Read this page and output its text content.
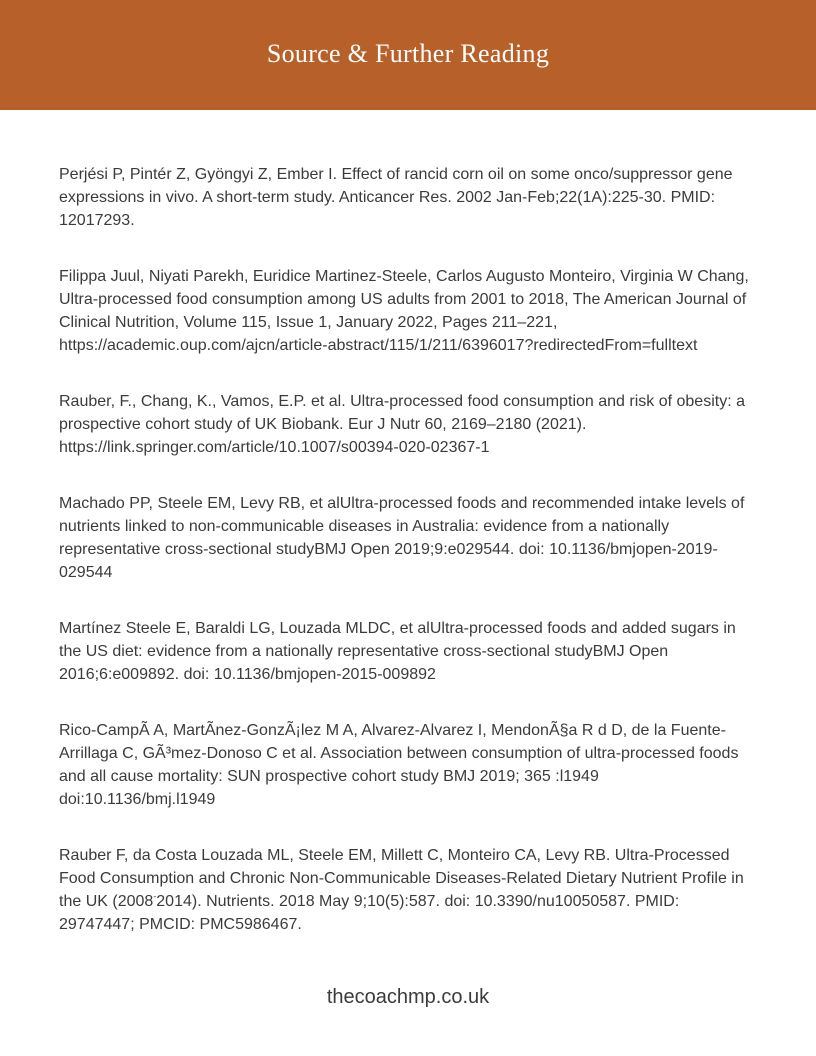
Source & Further Reading

Perjési P, Pintér Z, Gyöngyi Z, Ember I. Effect of rancid corn oil on some onco/suppressor gene expressions in vivo. A short-term study. Anticancer Res. 2002 Jan-Feb;22(1A):225-30. PMID: 12017293.

Filippa Juul, Niyati Parekh, Euridice Martinez-Steele, Carlos Augusto Monteiro, Virginia W Chang, Ultra-processed food consumption among US adults from 2001 to 2018, The American Journal of Clinical Nutrition, Volume 115, Issue 1, January 2022, Pages 211–221, https://academic.oup.com/ajcn/article-abstract/115/1/211/6396017?redirectedFrom=fulltext

Rauber, F., Chang, K., Vamos, E.P. et al. Ultra-processed food consumption and risk of obesity: a prospective cohort study of UK Biobank. Eur J Nutr 60, 2169–2180 (2021). https://link.springer.com/article/10.1007/s00394-020-02367-1

Machado PP, Steele EM, Levy RB, et alUltra-processed foods and recommended intake levels of nutrients linked to non-communicable diseases in Australia: evidence from a nationally representative cross-sectional studyBMJ Open 2019;9:e029544. doi: 10.1136/bmjopen-2019-029544

Martínez Steele E, Baraldi LG, Louzada MLDC, et alUltra-processed foods and added sugars in the US diet: evidence from a nationally representative cross-sectional studyBMJ Open 2016;6:e009892. doi: 10.1136/bmjopen-2015-009892

Rico-CampÃ A, MartÃnez-GonzÃ¡lez M A, Alvarez-Alvarez I, MendonÃ§a R d D, de la Fuente-Arrillaga C, GÃ³mez-Donoso C et al. Association between consumption of ultra-processed foods and all cause mortality: SUN prospective cohort study BMJ 2019; 365 :l1949 doi:10.1136/bmj.l1949

Rauber F, da Costa Louzada ML, Steele EM, Millett C, Monteiro CA, Levy RB. Ultra-Processed Food Consumption and Chronic Non-Communicable Diseases-Related Dietary Nutrient Profile in the UK (2008-2014). Nutrients. 2018 May 9;10(5):587. doi: 10.3390/nu10050587. PMID: 29747447; PMCID: PMC5986467.

thecoachmp.co.uk
